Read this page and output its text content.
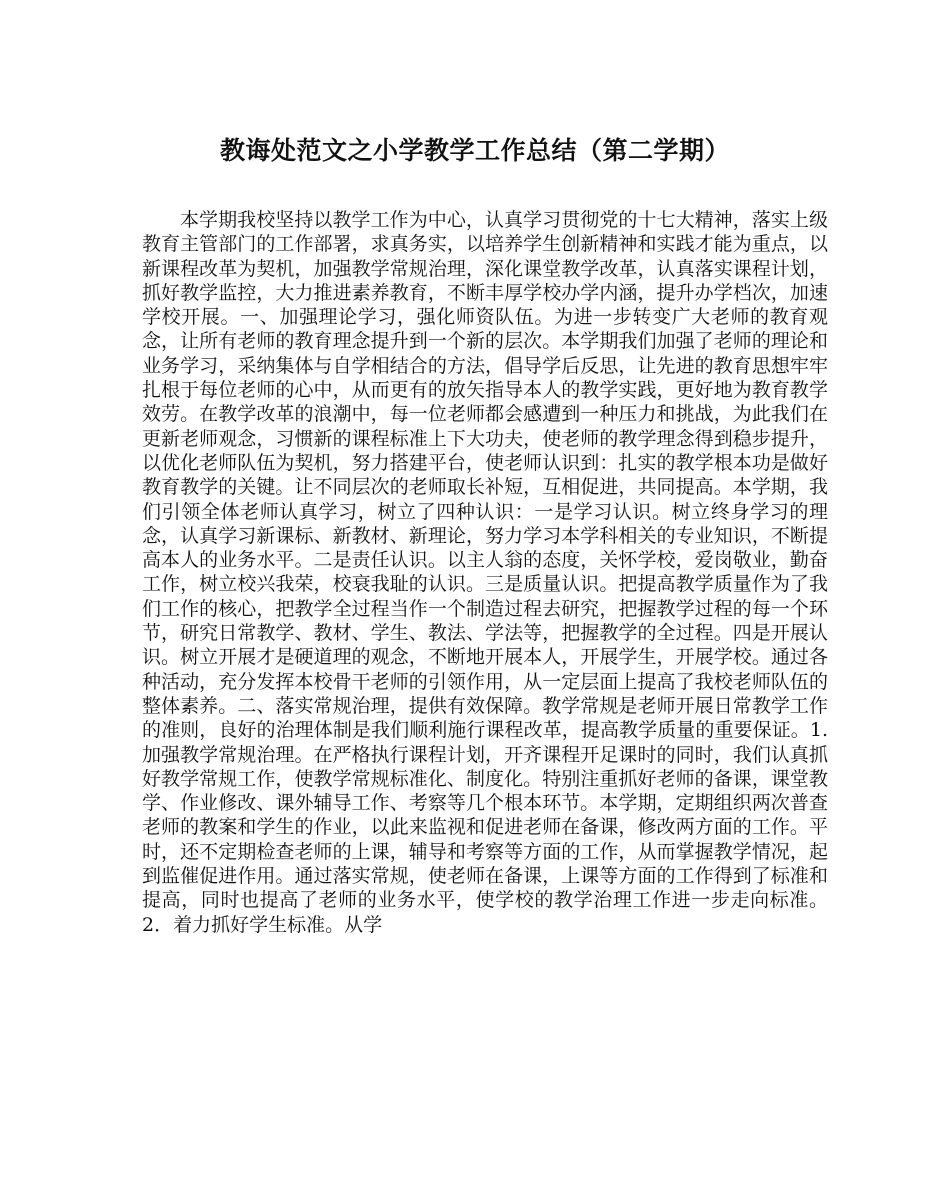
教诲处范文之小学教学工作总结（第二学期）

本学期我校坚持以教学工作为中心，认真学习贯彻党的十七大精神，落实上级教育主管部门的工作部署，求真务实，以培养学生创新精神和实践才能为重点，以新课程改革为契机，加强教学常规治理，深化课堂教学改革，认真落实课程计划，抓好教学监控，大力推进素养教育，不断丰厚学校办学内涵，提升办学档次，加速学校开展。一、加强理论学习，强化师资队伍。为进一步转变广大老师的教育观念，让所有老师的教育理念提升到一个新的层次。本学期我们加强了老师的理论和业务学习，采纳集体与自学相结合的方法，倡导学后反思，让先进的教育思想牢牢扎根于每位老师的心中，从而更有的放矢指导本人的教学实践，更好地为教育教学效劳。在教学改革的浪潮中，每一位老师都会感遭到一种压力和挑战，为此我们在更新老师观念，习惯新的课程标准上下大功夫，使老师的教学理念得到稳步提升，以优化老师队伍为契机，努力搭建平台，使老师认识到：扎实的教学根本功是做好教育教学的关键。让不同层次的老师取长补短，互相促进，共同提高。本学期，我们引领全体老师认真学习，树立了四种认识：一是学习认识。树立终身学习的理念，认真学习新课标、新教材、新理论，努力学习本学科相关的专业知识，不断提高本人的业务水平。二是责任认识。以主人翁的态度，关怀学校，爱岗敬业，勤奋工作，树立校兴我荣，校衰我耻的认识。三是质量认识。把提高教学质量作为了我们工作的核心，把教学全过程当作一个制造过程去研究，把握教学过程的每一个环节，研究日常教学、教材、学生、教法、学法等，把握教学的全过程。四是开展认识。树立开展才是硬道理的观念，不断地开展本人，开展学生，开展学校。通过各种活动，充分发挥本校骨干老师的引领作用，从一定层面上提高了我校老师队伍的整体素养。二、落实常规治理，提供有效保障。教学常规是老师开展日常教学工作的准则，良好的治理体制是我们顺利施行课程改革，提高教学质量的重要保证。1.加强教学常规治理。在严格执行课程计划，开齐课程开足课时的同时，我们认真抓好教学常规工作，使教学常规标准化、制度化。特别注重抓好老师的备课，课堂教学、作业修改、课外辅导工作、考察等几个根本环节。本学期，定期组织两次普查老师的教案和学生的作业，以此来监视和促进老师在备课，修改两方面的工作。平时，还不定期检查老师的上课，辅导和考察等方面的工作，从而掌握教学情况，起到监催促进作用。通过落实常规，使老师在备课，上课等方面的工作得到了标准和提高，同时也提高了老师的业务水平，使学校的教学治理工作进一步走向标准。2．着力抓好学生标准。从学
